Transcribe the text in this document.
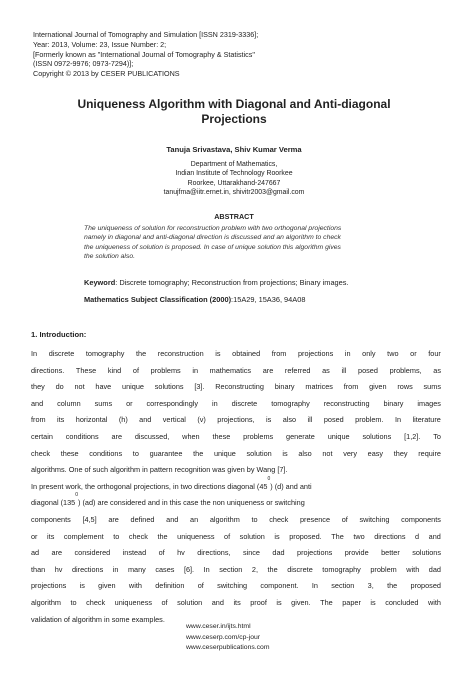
International Journal of Tomography and Simulation [ISSN 2319-3336];
Year: 2013, Volume: 23, Issue Number: 2;
[Formerly known as "International Journal of Tomography & Statistics"
(ISSN 0972-9976; 0973-7294)];
Copyright © 2013 by CESER PUBLICATIONS
Uniqueness Algorithm with Diagonal and Anti-diagonal
Projections
Tanuja Srivastava, Shiv Kumar Verma
Department of Mathematics,
Indian Institute of Technology Roorkee
Roorkee, Uttarakhand-247667
tanujfma@iitr.ernet.in, shivitr2003@gmail.com
ABSTRACT
The uniqueness of solution for reconstruction problem with two orthogonal projections
namely in diagonal and anti-diagonal direction is discussed and an algorithm to check
the uniqueness of solution is proposed. In case of unique solution this algorithm gives
the solution also.
Keyword: Discrete tomography; Reconstruction from projections; Binary images.
Mathematics Subject Classification (2000):15A29, 15A36, 94A08
1. Introduction:
In discrete tomography the reconstruction is obtained from projections in only two or four
directions. These kind of problems in mathematics are referred as ill posed problems, as
they do not have unique solutions [3]. Reconstructing binary matrices from given rows sums
and column sums or correspondingly in discrete tomography reconstructing binary images
from its horizontal (h) and vertical (v) projections, is also ill posed problem. In literature
certain conditions are discussed, when these problems generate unique solutions [1,2]. To
check these conditions to guarantee the unique solution is also not very easy they require
algorithms. One of such algorithm in pattern recognition was given by Wang [7].
In present work, the orthogonal projections, in two directions diagonal (45
0
) (d) and anti
diagonal (135
0
) (ad) are considered and in this case the non uniqueness or switching
components [4,5] are defined and an algorithm to check presence of switching components
or its complement to check the uniqueness of solution is proposed. The two directions d and
ad are considered instead of hv directions, since dad projections provide better solutions
than hv directions in many cases [6]. In section 2, the discrete tomography problem with dad
projections is given with definition of switching component. In section 3, the proposed
algorithm to check uniqueness of solution and its proof is given. The paper is concluded with
validation of algorithm in some examples.
www.ceser.in/ijts.html
www.ceserp.com/cp-jour
www.ceserpublications.com
